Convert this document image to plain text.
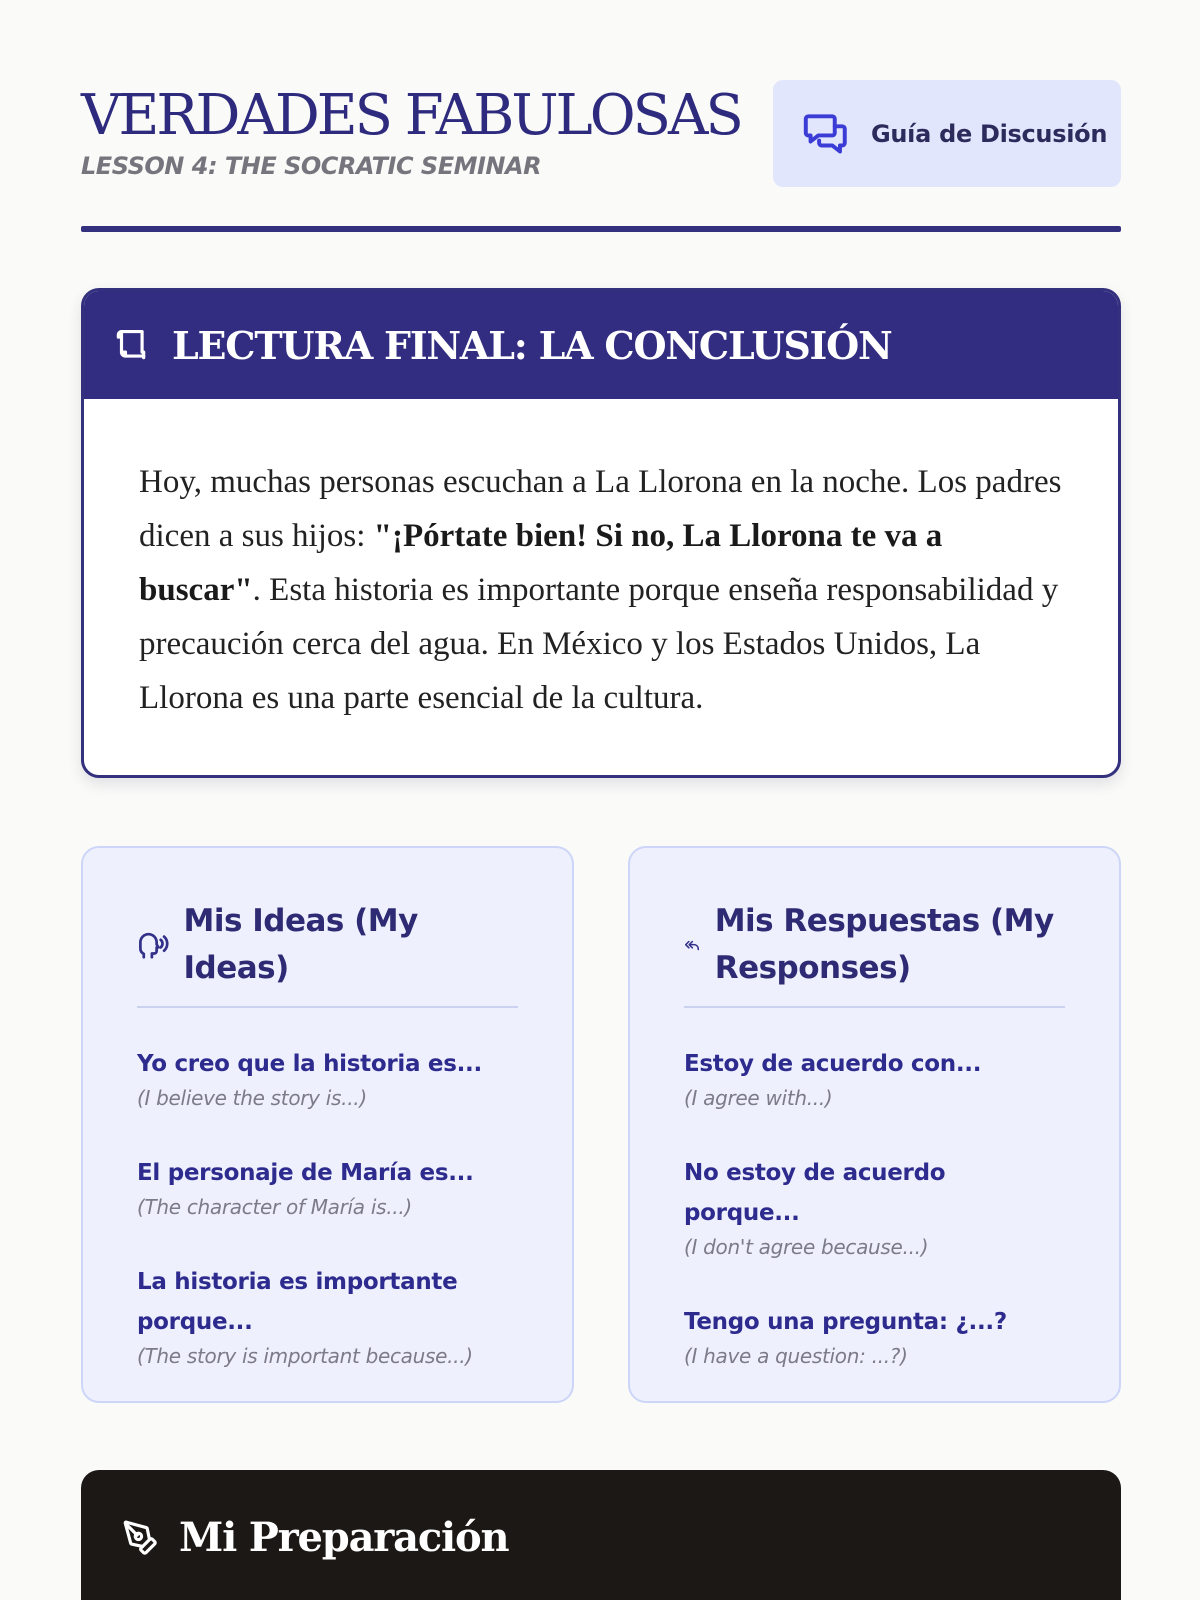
VERDADES FABULOSAS
LESSON 4: THE SOCRATIC SEMINAR
Guía de Discusión
LECTURA FINAL: LA CONCLUSIÓN

Hoy, muchas personas escuchan a La Llorona en la noche. Los padres dicen a sus hijos: "¡Pórtate bien! Si no, La Llorona te va a buscar". Esta historia es importante porque enseña responsabilidad y precaución cerca del agua. En México y los Estados Unidos, La Llorona es una parte esencial de la cultura.

Mis Ideas (My Ideas)
Yo creo que la historia es...
(I believe the story is...)
El personaje de María es...
(The character of María is...)
La historia es importante porque...
(The story is important because...)
Mis Respuestas (My Responses)
Estoy de acuerdo con...
(I agree with...)
No estoy de acuerdo porque...
(I don't agree because...)
Tengo una pregunta: ¿...?
(I have a question: ...?)
Mi Preparación
